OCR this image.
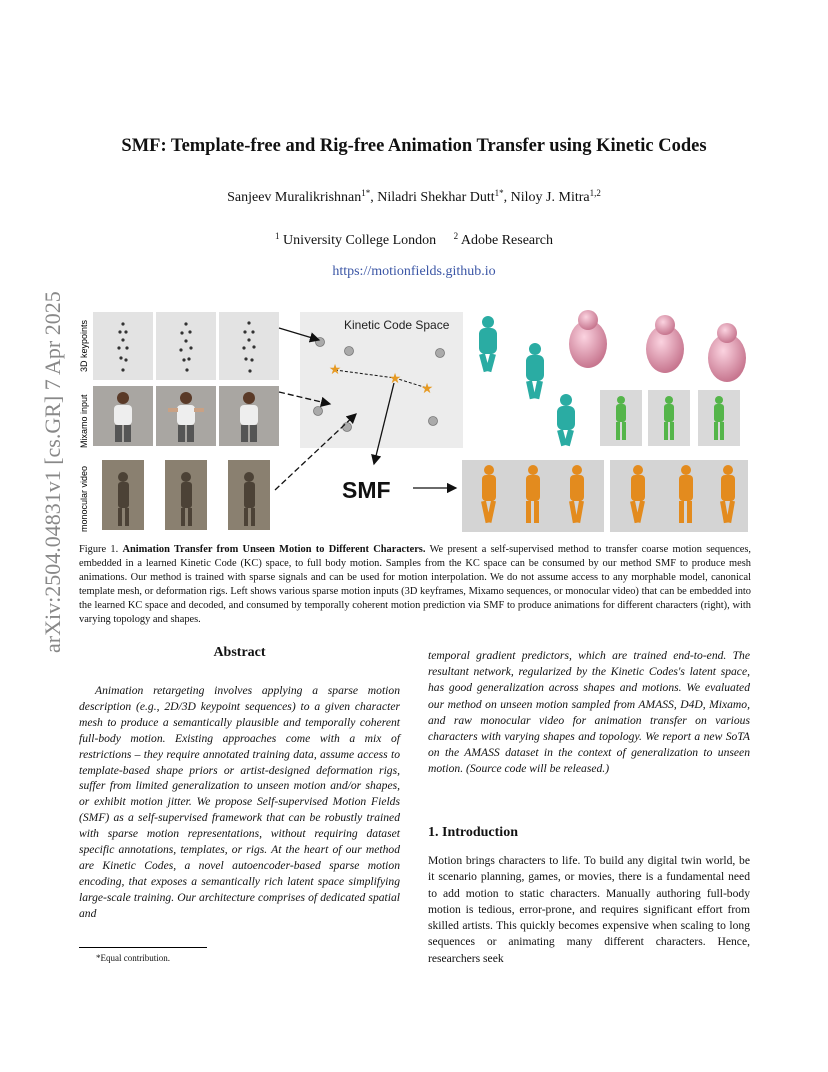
arXiv:2504.04831v1 [cs.GR] 7 Apr 2025
SMF: Template-free and Rig-free Animation Transfer using Kinetic Codes
Sanjeev Muralikrishnan$^{1*}$, Niladri Shekhar Dutt$^{1*}$, Niloy J. Mitra$^{1,2}$
$^1$ University College London $^2$ Adobe Research
https://motionfields.github.io
3D keypoints
Mixamo input
monocular video
Kinetic Code Space
★
★
★
SMF
Figure 1. Animation Transfer from Unseen Motion to Different Characters. We present a self-supervised method to transfer coarse motion sequences, embedded in a learned Kinetic Code (KC) space, to full body motion. Samples from the KC space can be consumed by our method SMF to produce mesh animations. Our method is trained with sparse signals and can be used for motion interpolation. We do not assume access to any morphable model, canonical template mesh, or deformation rigs. Left shows various sparse motion inputs (3D keyframes, Mixamo sequences, or monocular video) that can be embedded into the learned KC space and decoded, and consumed by temporally coherent motion prediction via SMF to produce animations for different characters (right), with varying topology and shapes.
Abstract
Animation retargeting involves applying a sparse motion description (e.g., 2D/3D keypoint sequences) to a given character mesh to produce a semantically plausible and temporally coherent full-body motion. Existing approaches come with a mix of restrictions – they require annotated training data, assume access to template-based shape priors or artist-designed deformation rigs, suffer from limited generalization to unseen motion and/or shapes, or exhibit motion jitter. We propose Self-supervised Motion Fields (SMF) as a self-supervised framework that can be robustly trained with sparse motion representations, without requiring dataset specific annotations, templates, or rigs. At the heart of our method are Kinetic Codes, a novel autoencoder-based sparse motion encoding, that exposes a semantically rich latent space simplifying large-scale training. Our architecture comprises of dedicated spatial and
temporal gradient predictors, which are trained end-to-end. The resultant network, regularized by the Kinetic Codes's latent space, has good generalization across shapes and motions. We evaluated our method on unseen motion sampled from AMASS, D4D, Mixamo, and raw monocular video for animation transfer on various characters with varying shapes and topology. We report a new SoTA on the AMASS dataset in the context of generalization to unseen motion. (Source code will be released.)
1. Introduction
Motion brings characters to life. To build any digital twin world, be it scenario planning, games, or movies, there is a fundamental need to add motion to static characters. Manually authoring full-body motion is tedious, error-prone, and requires significant effort from skilled artists. This quickly becomes expensive when scaling to long sequences or animating many different characters. Hence, researchers seek
*Equal contribution.
